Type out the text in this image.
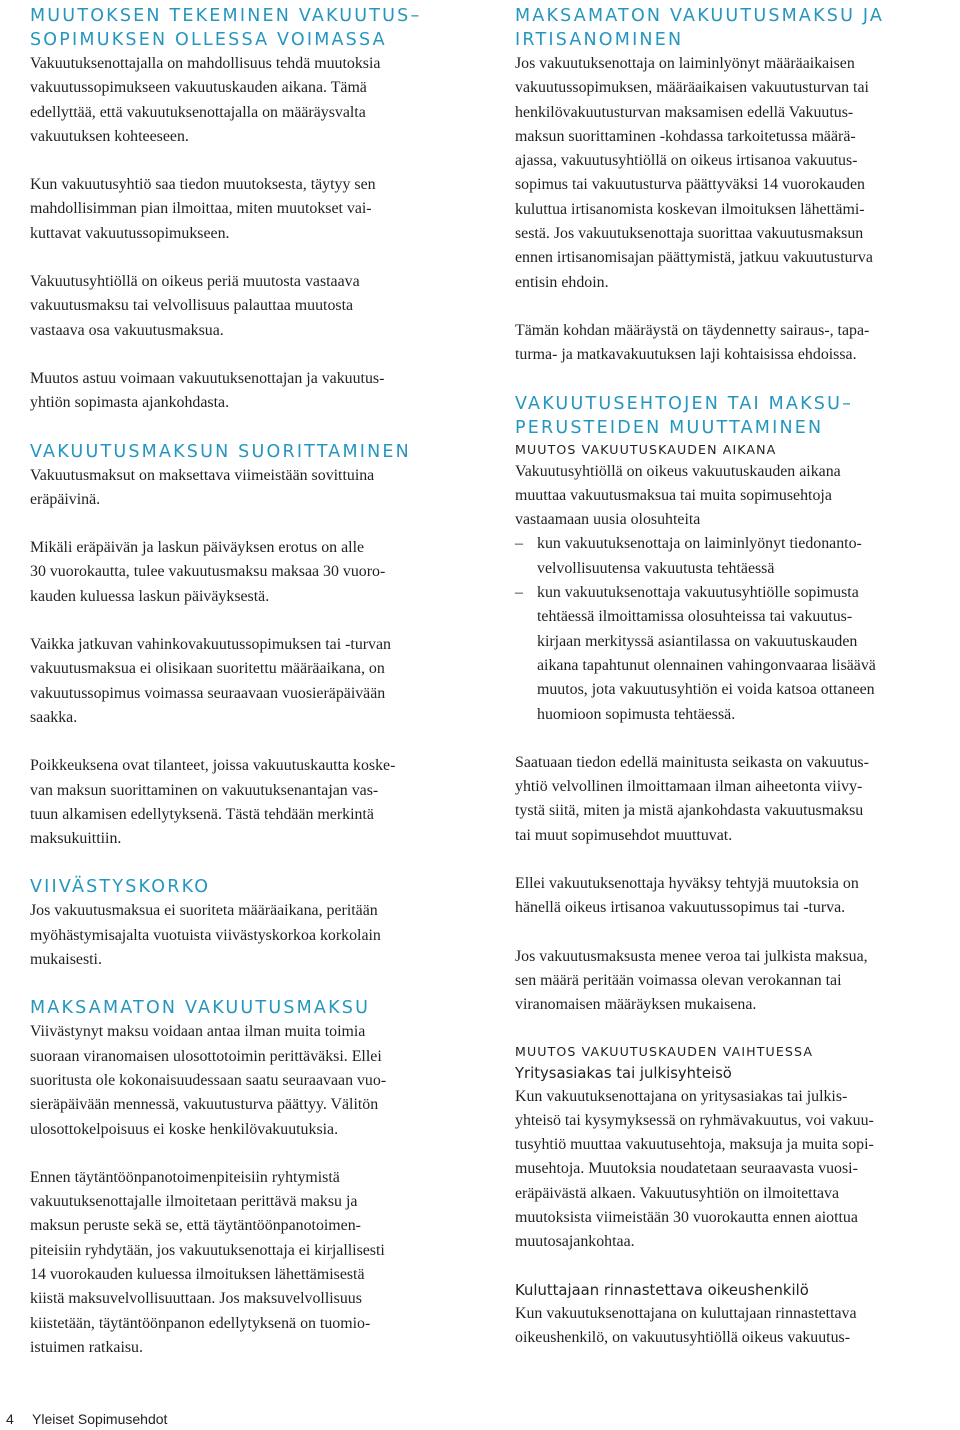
MUUTOKSEN TEKEMINEN VAKUUTUS–
SOPIMUKSEN OLLESSA VOIMASSA

Vakuutuksenottajalla on mahdollisuus tehdä muutoksia
vakuutussopimukseen vakuutuskauden aikana. Tämä
edellyttää, että vakuutuksenottajalla on määräysvalta
vakuutuksen kohteeseen.

Kun vakuutusyhtiö saa tiedon muutoksesta, täytyy sen
mahdollisimman pian ilmoittaa, miten muutokset vai-
kuttavat vakuutussopimukseen.

Vakuutusyhtiöllä on oikeus periä muutosta vastaava
vakuutusmaksu tai velvollisuus palauttaa muutosta
vastaava osa vakuutusmaksua.

Muutos astuu voimaan vakuutuksenottajan ja vakuutus-
yhtiön sopimasta ajankohdasta.

VAKUUTUSMAKSUN SUORITTAMINEN

Vakuutusmaksut on maksettava viimeistään sovittuina
eräpäivinä.

Mikäli eräpäivän ja laskun päiväyksen erotus on alle
30 vuorokautta, tulee vakuutusmaksu maksaa 30 vuoro-
kauden kuluessa laskun päiväyksestä.

Vaikka jatkuvan vahinkovakuutussopimuksen tai -turvan
vakuutusmaksua ei olisikaan suoritettu määräaikana, on
vakuutussopimus voimassa seuraavaan vuosieräpäivään
saakka.

Poikkeuksena ovat tilanteet, joissa vakuutuskautta koske-
van maksun suorittaminen on vakuutuksenantajan vas-
tuun alkamisen edellytyksenä. Tästä tehdään merkintä
maksukuittiin.

VIIVÄSTYSKORKO

Jos vakuutusmaksua ei suoriteta määräaikana, peritään
myöhästymisajalta vuotuista viivästyskorkoa korkolain
mukaisesti.

MAKSAMATON VAKUUTUSMAKSU

Viivästynyt maksu voidaan antaa ilman muita toimia
suoraan viranomaisen ulosottotoimin perittäväksi. Ellei
suoritusta ole kokonaisuudessaan saatu seuraavaan vuo-
sieräpäivään mennessä, vakuutusturva päättyy. Välitön
ulosottokelpoisuus ei koske henkilövakuutuksia.

Ennen täytäntöönpanotoimenpiteisiin ryhtymistä
vakuutuksenottajalle ilmoitetaan perittävä maksu ja
maksun peruste sekä se, että täytäntöönpanotoimen-
piteisiin ryhdytään, jos vakuutuksenottaja ei kirjallisesti
14 vuorokauden kuluessa ilmoituksen lähettämisestä
kiistä maksuvelvollisuuttaan. Jos maksuvelvollisuus
kiistetään, täytäntöönpanon edellytyksenä on tuomio-
istuimen ratkaisu.

MAKSAMATON VAKUUTUSMAKSU JA
IRTISANOMINEN

Jos vakuutuksenottaja on laiminlyönyt määräaikaisen
vakuutussopimuksen, määräaikaisen vakuutusturvan tai
henkilövakuutusturvan maksamisen edellä Vakuutus-
maksun suorittaminen -kohdassa tarkoitetussa määrä-
ajassa, vakuutusyhtiöllä on oikeus irtisanoa vakuutus-
sopimus tai vakuutusturva päättyväksi 14 vuorokauden
kuluttua irtisanomista koskevan ilmoituksen lähettämi-
sestä. Jos vakuutuksenottaja suorittaa vakuutusmaksun
ennen irtisanomisajan päättymistä, jatkuu vakuutusturva
entisin ehdoin.

Tämän kohdan määräystä on täydennetty sairaus-, tapa-
turma- ja matkavakuutuksen laji kohtaisissa ehdoissa.

VAKUUTUSEHTOJEN TAI MAKSU–
PERUSTEIDEN MUUTTAMINEN
MUUTOS VAKUUTUSKAUDEN AIKANA

Vakuutusyhtiöllä on oikeus vakuutuskauden aikana
muuttaa vakuutusmaksua tai muita sopimusehtoja
vastaamaan uusia olosuhteita

– kun vakuutuksenottaja on laiminlyönyt tiedonanto-
velvollisuutensa vakuutusta tehtäessä

– kun vakuutuksenottaja vakuutusyhtiölle sopimusta
tehtäessä ilmoittamissa olosuhteissa tai vakuutus-
kirjaan merkityssä asiantilassa on vakuutuskauden
aikana tapahtunut olennainen vahingonvaaraa lisäävä
muutos, jota vakuutusyhtiön ei voida katsoa ottaneen
huomioon sopimusta tehtäessä.

Saatuaan tiedon edellä mainitusta seikasta on vakuutus-
yhtiö velvollinen ilmoittamaan ilman aiheetonta viivy-
tystä siitä, miten ja mistä ajankohdasta vakuutusmaksu
tai muut sopimusehdot muuttuvat.

Ellei vakuutuksenottaja hyväksy tehtyjä muutoksia on
hänellä oikeus irtisanoa vakuutussopimus tai -turva.

Jos vakuutusmaksusta menee veroa tai julkista maksua,
sen määrä peritään voimassa olevan verokannan tai
viranomaisen määräyksen mukaisena.

MUUTOS VAKUUTUSKAUDEN VAIHTUESSA
Yritysasiakas tai julkisyhteisö

Kun vakuutuksenottajana on yritysasiakas tai julkis-
yhteisö tai kysymyksessä on ryhmävakuutus, voi vakuu-
tusyhtiö muuttaa vakuutusehtoja, maksuja ja muita sopi-
musehtoja. Muutoksia noudatetaan seuraavasta vuosi-
eräpäivästä alkaen. Vakuutusyhtiön on ilmoitettava
muutoksista viimeistään 30 vuorokautta ennen aiottua
muutosajankohtaa.

Kuluttajaan rinnastettava oikeushenkilö

Kun vakuutuksenottajana on kuluttajaan rinnastettava
oikeushenkilö, on vakuutusyhtiöllä oikeus vakuutus-

4 Yleiset Sopimusehdot
